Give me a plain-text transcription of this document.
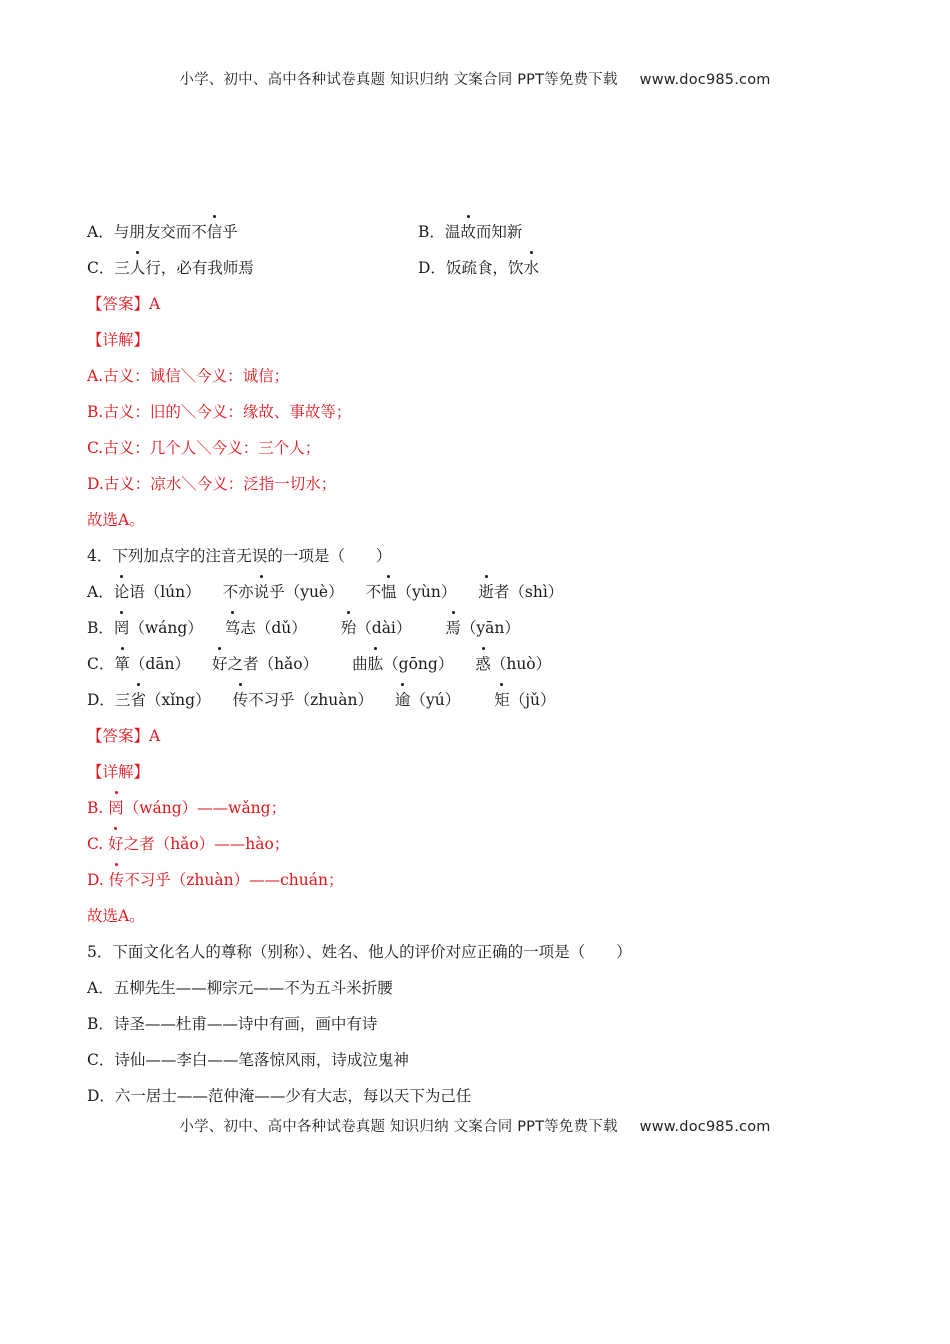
小学、初中、高中各种试卷真题 知识归纳 文案合同 PPT等免费下载 www.doc985.com
A．与朋友交而不信乎	B．温故而知新
C．三人行，必有我师焉	D．饭疏食，饮水
【答案】A
【详解】
A.古义：诚信＼今义：诚信；
B.古义：旧的＼今义：缘故、事故等；
C.古义：几个人＼今义：三个人；
D.古义：凉水＼今义：泛指一切水；
故选A。
4．下列加点字的注音无误的一项是（　　）
A．论语（lún） 不亦说乎（yuè） 不愠（yùn） 逝者（shì）
B．罔（wáng） 笃志（dǔ） 殆（dài） 焉（yān）
C．箪（dān） 好之者（hǎo） 曲肱（gōng） 惑（huò）
D．三省（xǐng） 传不习乎（zhuàn） 逾（yú） 矩（jǔ）
【答案】A
【详解】
B. 罔（wáng）——wǎng；
C. 好之者（hǎo）——hào；
D. 传不习乎（zhuàn）——chuán；
故选A。
5．下面文化名人的尊称（别称）、姓名、他人的评价对应正确的一项是（　　）
A．五柳先生——柳宗元——不为五斗米折腰
B．诗圣——杜甫——诗中有画，画中有诗
C．诗仙——李白——笔落惊风雨，诗成泣鬼神
D．六一居士——范仲淹——少有大志，每以天下为己任
小学、初中、高中各种试卷真题 知识归纳 文案合同 PPT等免费下载 www.doc985.com
